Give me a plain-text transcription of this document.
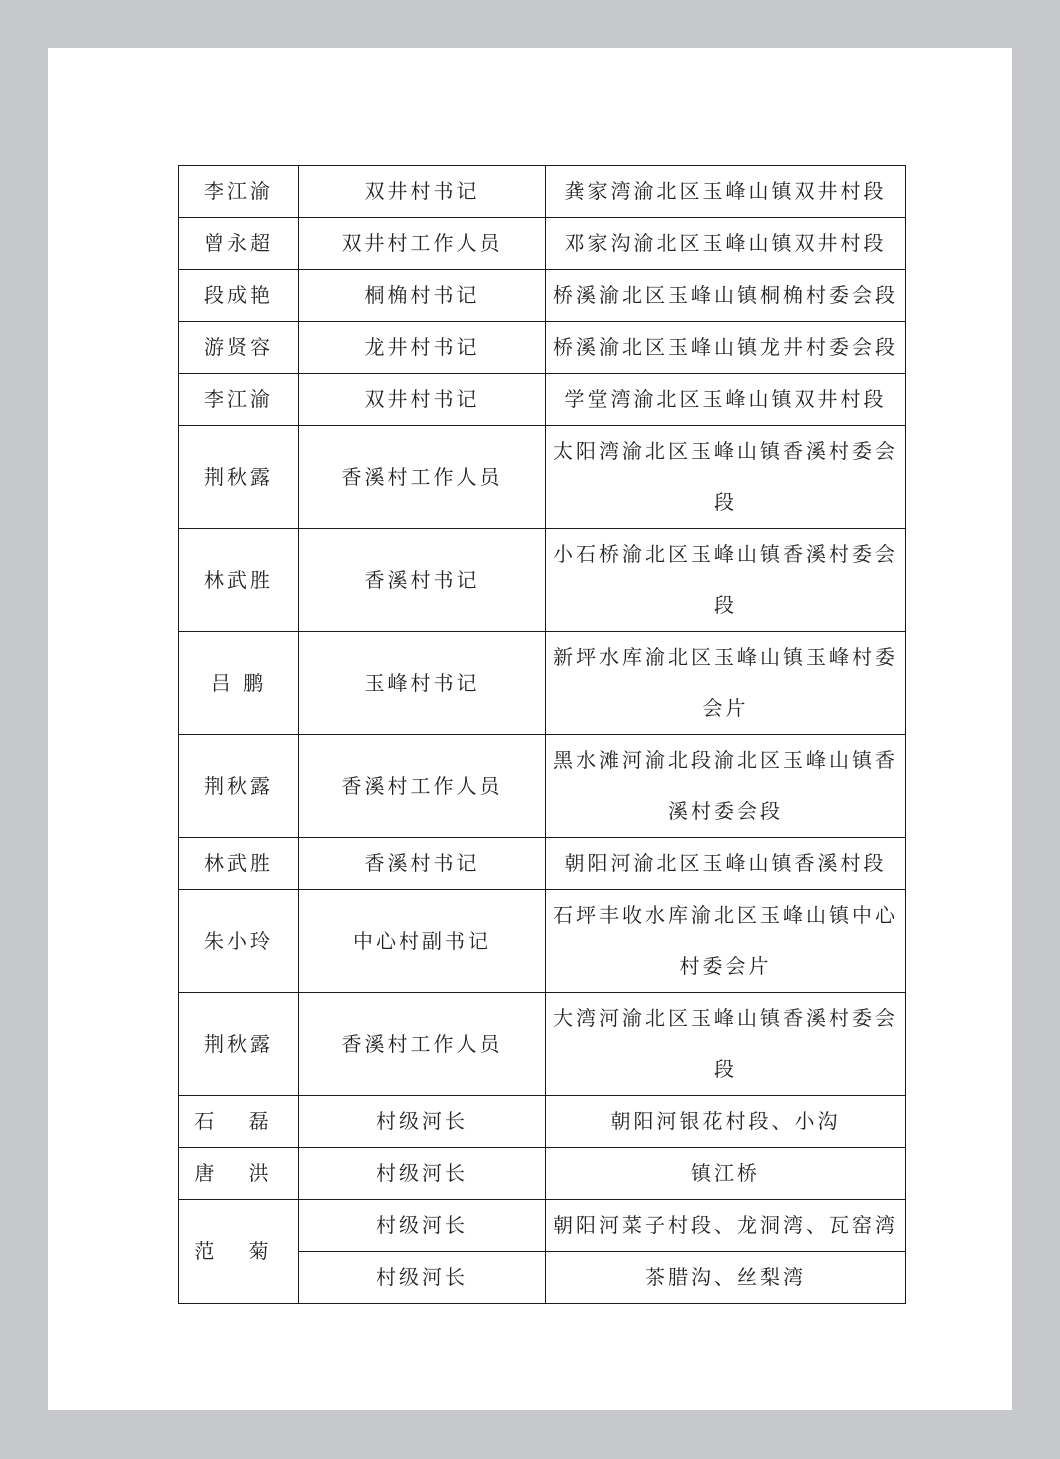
李江渝	双井村书记	龚家湾渝北区玉峰山镇双井村段
曾永超	双井村工作人员	邓家沟渝北区玉峰山镇双井村段
段成艳	桐桷村书记	桥溪渝北区玉峰山镇桐桷村委会段
游贤容	龙井村书记	桥溪渝北区玉峰山镇龙井村委会段
李江渝	双井村书记	学堂湾渝北区玉峰山镇双井村段
荆秋露	香溪村工作人员	太阳湾渝北区玉峰山镇香溪村委会段
林武胜	香溪村书记	小石桥渝北区玉峰山镇香溪村委会段
吕 鹏	玉峰村书记	新坪水库渝北区玉峰山镇玉峰村委会片
荆秋露	香溪村工作人员	黑水滩河渝北段渝北区玉峰山镇香溪村委会段
林武胜	香溪村书记	朝阳河渝北区玉峰山镇香溪村段
朱小玲	中心村副书记	石坪丰收水库渝北区玉峰山镇中心村委会片
荆秋露	香溪村工作人员	大湾河渝北区玉峰山镇香溪村委会段
石 磊	村级河长	朝阳河银花村段、小沟
唐 洪	村级河长	镇江桥
范 菊	村级河长	朝阳河菜子村段、龙洞湾、瓦窑湾
	村级河长	茶腊沟、丝梨湾
